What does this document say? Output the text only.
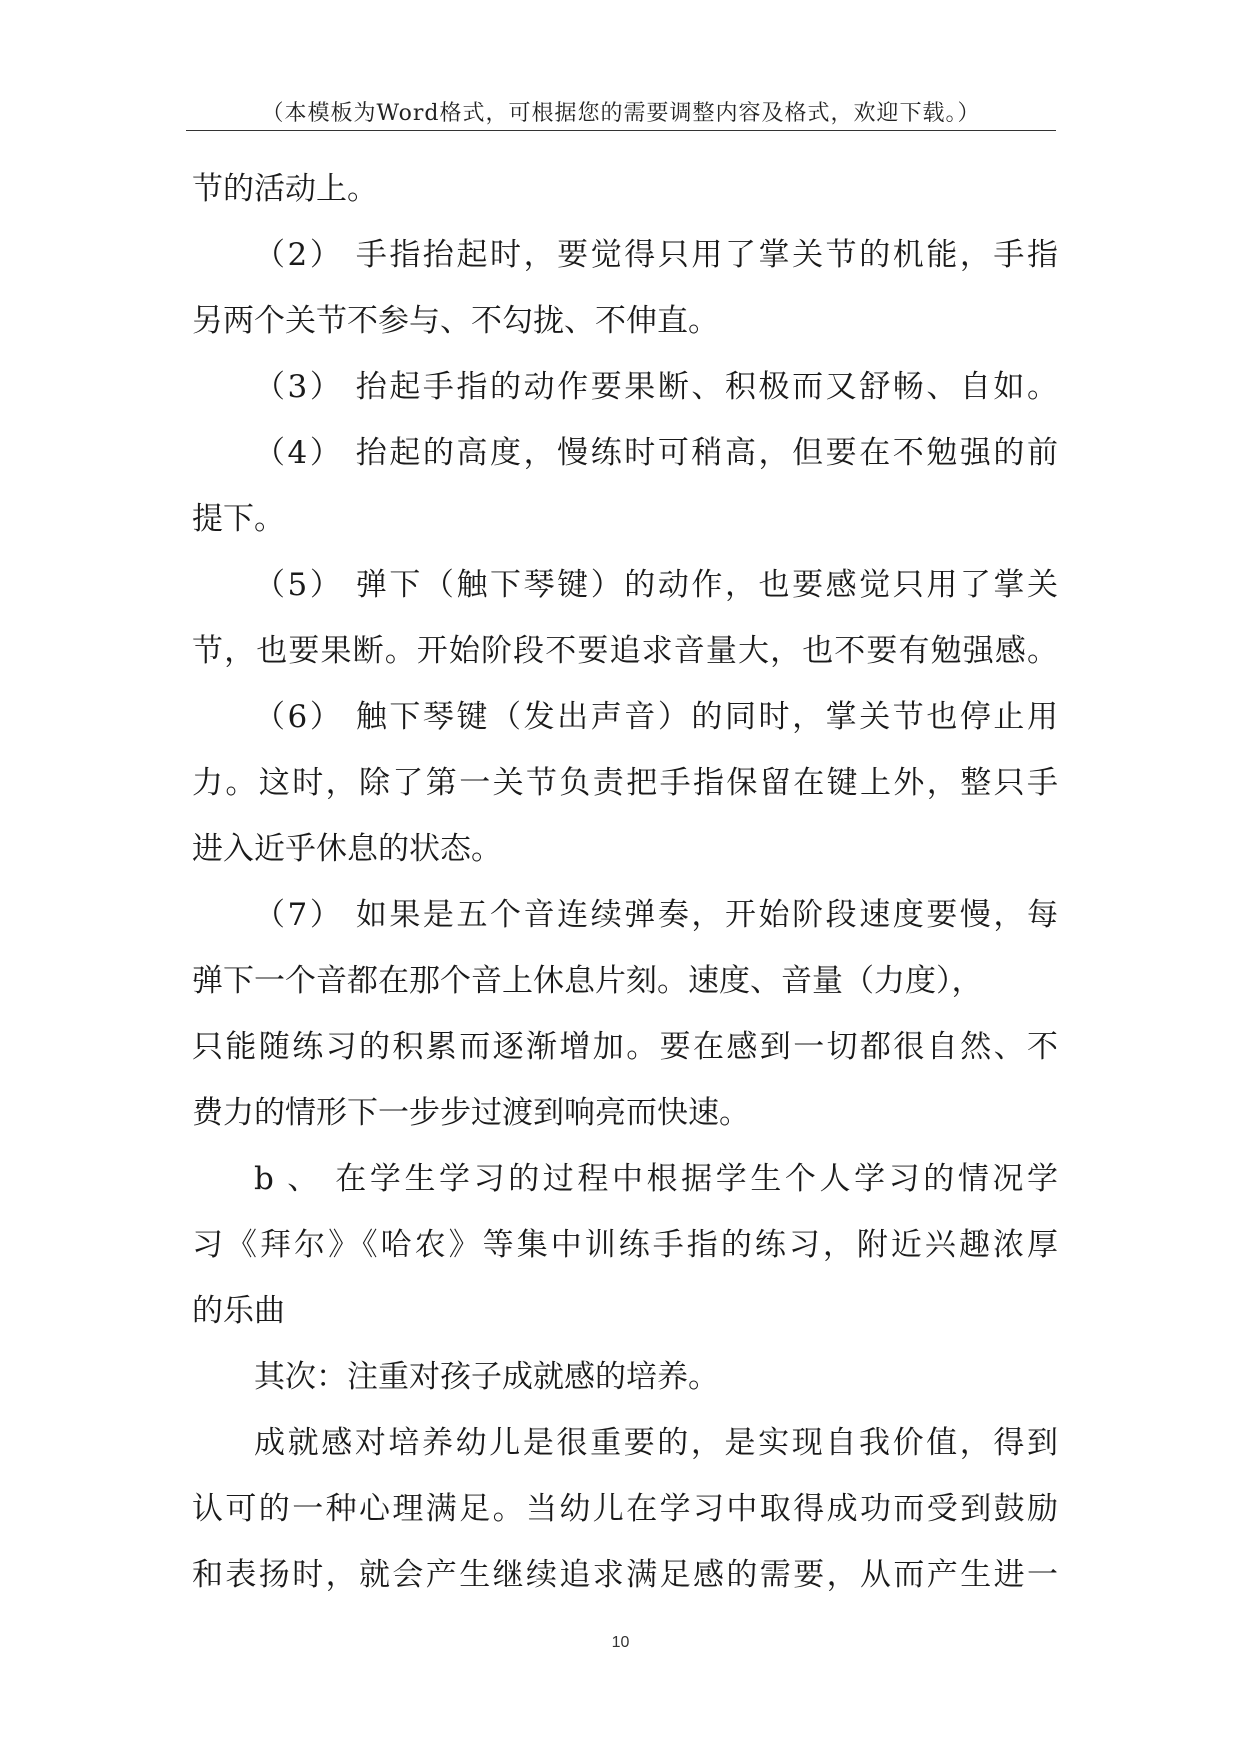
（本模板为Word格式，可根据您的需要调整内容及格式，欢迎下载。）
节的活动上。
（2） 手指抬起时，要觉得只用了掌关节的机能，手指
另两个关节不参与、不勾拢、不伸直。
（3） 抬起手指的动作要果断、积极而又舒畅、自如。
（4） 抬起的高度，慢练时可稍高，但要在不勉强的前
提下。
（5） 弹下（触下琴键）的动作，也要感觉只用了掌关
节，也要果断。开始阶段不要追求音量大，也不要有勉强感。
（6） 触下琴键（发出声音）的同时，掌关节也停止用
力。这时，除了第一关节负责把手指保留在键上外，整只手
进入近乎休息的状态。
（7） 如果是五个音连续弹奏，开始阶段速度要慢，每
弹下一个音都在那个音上休息片刻。速度、音量（力度），
只能随练习的积累而逐渐增加。要在感到一切都很自然、不
费力的情形下一步步过渡到响亮而快速。
b 、 在学生学习的过程中根据学生个人学习的情况学
习《拜尔》《哈农》等集中训练手指的练习，附近兴趣浓厚
的乐曲
其次：注重对孩子成就感的培养。
成就感对培养幼儿是很重要的，是实现自我价值，得到
认可的一种心理满足。当幼儿在学习中取得成功而受到鼓励
和表扬时，就会产生继续追求满足感的需要，从而产生进一
10
